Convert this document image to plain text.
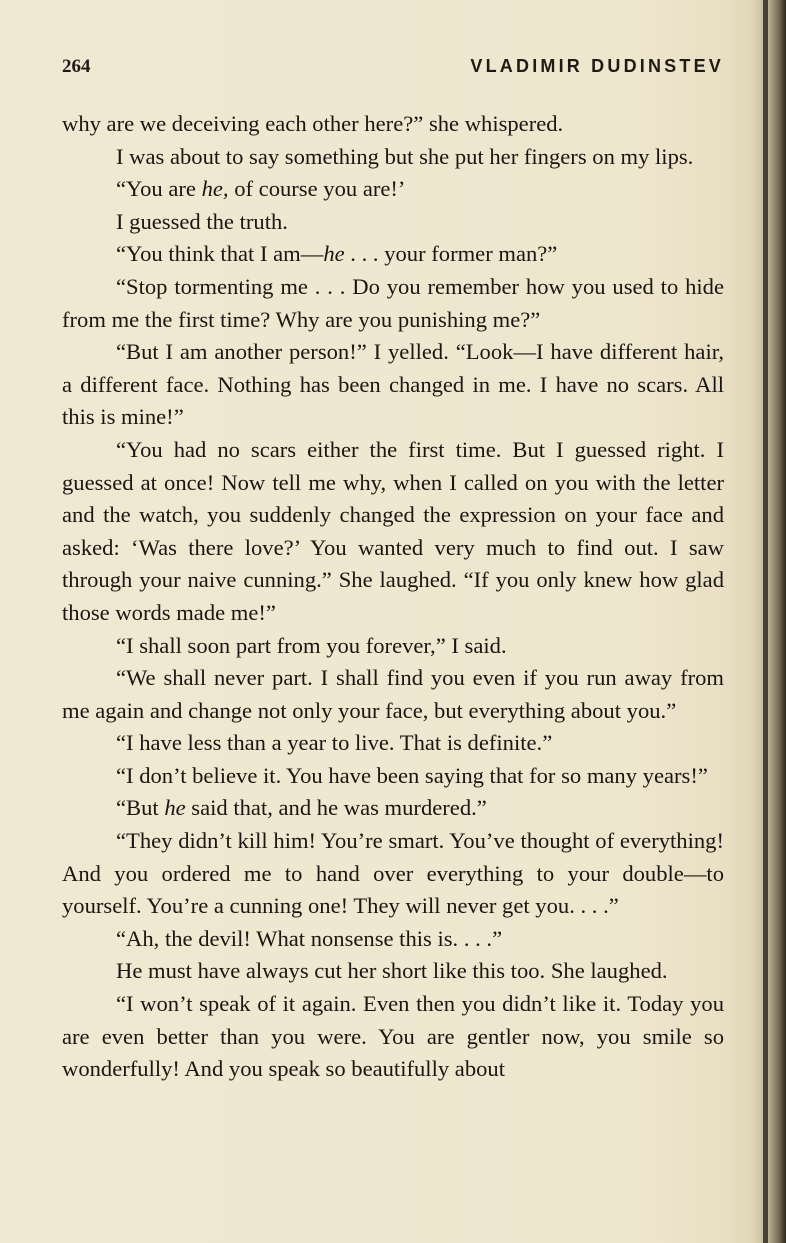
264	VLADIMIR DUDINSTEV

why are we deceiving each other here?” she whispered.

I was about to say something but she put her fingers on my lips.

“You are he, of course you are!’

I guessed the truth.

“You think that I am—he . . . your former man?”

“Stop tormenting me . . . Do you remember how you used to hide from me the first time? Why are you punishing me?”

“But I am another person!” I yelled. “Look—I have different hair, a different face. Nothing has been changed in me. I have no scars. All this is mine!”

“You had no scars either the first time. But I guessed right. I guessed at once! Now tell me why, when I called on you with the letter and the watch, you suddenly changed the expression on your face and asked: ‘Was there love?’ You wanted very much to find out. I saw through your naive cunning.” She laughed. “If you only knew how glad those words made me!”

“I shall soon part from you forever,” I said.

“We shall never part. I shall find you even if you run away from me again and change not only your face, but everything about you.”

“I have less than a year to live. That is definite.”

“I don’t believe it. You have been saying that for so many years!”

“But he said that, and he was murdered.”

“They didn’t kill him! You’re smart. You’ve thought of everything! And you ordered me to hand over everything to your double—to yourself. You’re a cunning one! They will never get you. . . .”

“Ah, the devil! What nonsense this is. . . .”

He must have always cut her short like this too. She laughed.

“I won’t speak of it again. Even then you didn’t like it. Today you are even better than you were. You are gentler now, you smile so wonderfully! And you speak so beautifully about
